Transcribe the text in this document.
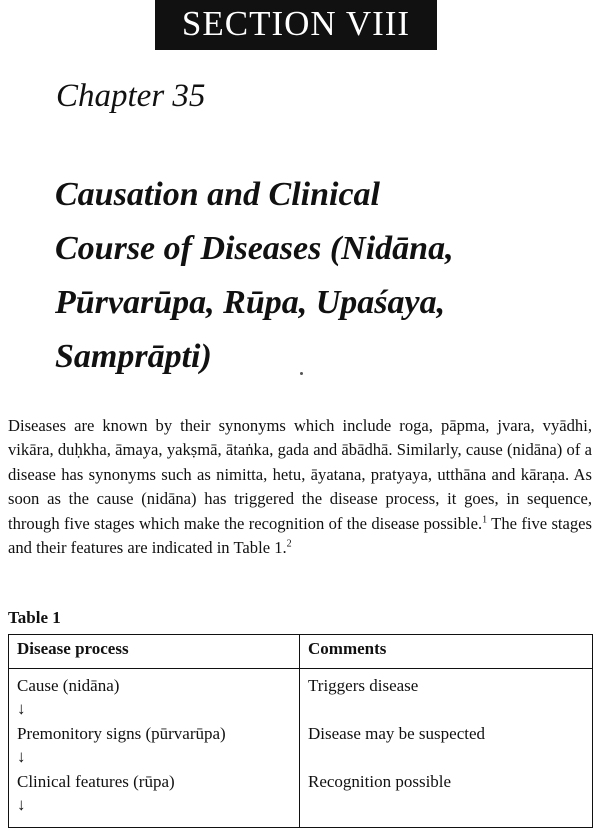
SECTION VIII
Chapter 35
Causation and Clinical
Course of Diseases (Nidāna,
Pūrvarūpa, Rūpa, Upaśaya,
Samprāpti)

Diseases are known by their synonyms which include roga, pāpma, jvara, vyādhi, vikāra, duḥkha, āmaya, yakṣmā, ātaṅka, gada and ābādhā. Similarly, cause (nidāna) of a disease has synonyms such as nimitta, hetu, āyatana, pratyaya, utthāna and kāraṇa. As soon as the cause (nidāna) has triggered the disease process, it goes, in sequence, through five stages which make the recognition of the disease possible.$^1$ The five stages and their features are indicated in Table 1.$^2$

Table 1
Disease process	Comments
Cause (nidāna)	Triggers disease
↓
Premonitory signs (pūrvarūpa)	Disease may be suspected
↓
Clinical features (rūpa)	Recognition possible
↓
